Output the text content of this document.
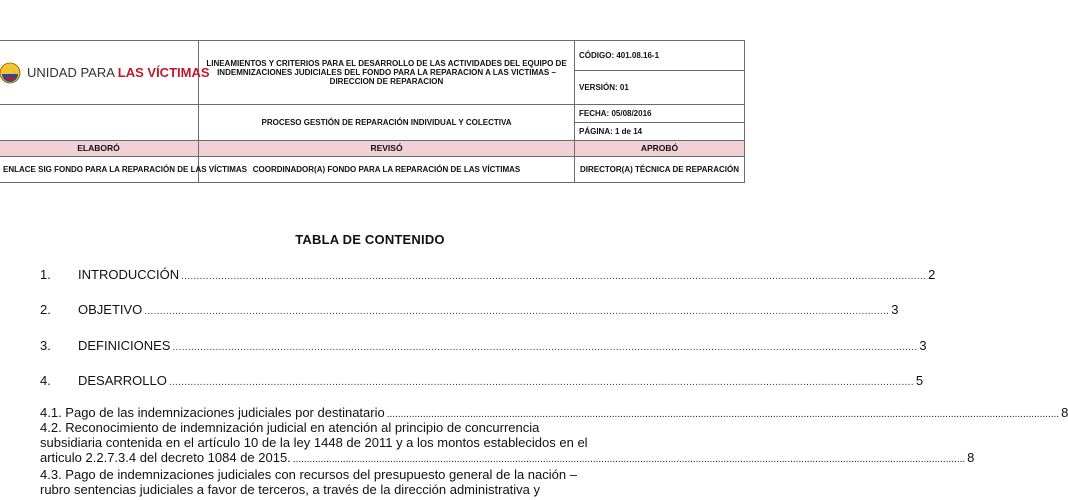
UNIDAD PARA LAS VÍCTIMAS	LINEAMIENTOS Y CRITERIOS PARA EL DESARROLLO DE LAS ACTIVIDADES DEL EQUIPO DE INDEMNIZACIONES JUDICIALES DEL FONDO PARA LA REPARACION A LAS VICTIMAS – DIRECCION DE REPARACION	CÓDIGO: 401.08.16-1
		VERSIÓN: 01
	PROCESO GESTIÓN DE REPARACIÓN INDIVIDUAL Y COLECTIVA	FECHA: 05/08/2016
		PÁGINA: 1 de 14
ELABORÓ	REVISÓ	APROBÓ
ENLACE SIG FONDO PARA LA REPARACIÓN DE LAS VÍCTIMAS	COORDINADOR(A) FONDO PARA LA REPARACIÓN DE LAS VÍCTIMAS	DIRECTOR(A) TÉCNICA DE REPARACIÓN
TABLA DE CONTENIDO
1.	INTRODUCCIÓN .....	2
2.	OBJETIVO .....	3
3.	DEFINICIONES .....	3
4.	DESARROLLO .....	5
4.1. Pago de las indemnizaciones judiciales por destinatario .....	8
4.2. Reconocimiento de indemnización judicial en atención al principio de concurrencia
subsidiaria contenida en el artículo 10 de la ley 1448 de 2011 y a los montos establecidos en el
articulo 2.2.7.3.4 del decreto 1084 de 2015. .....	8
4.3. Pago de indemnizaciones judiciales con recursos del presupuesto general de la nación –
rubro sentencias judiciales a favor de terceros, a través de la dirección administrativa y
